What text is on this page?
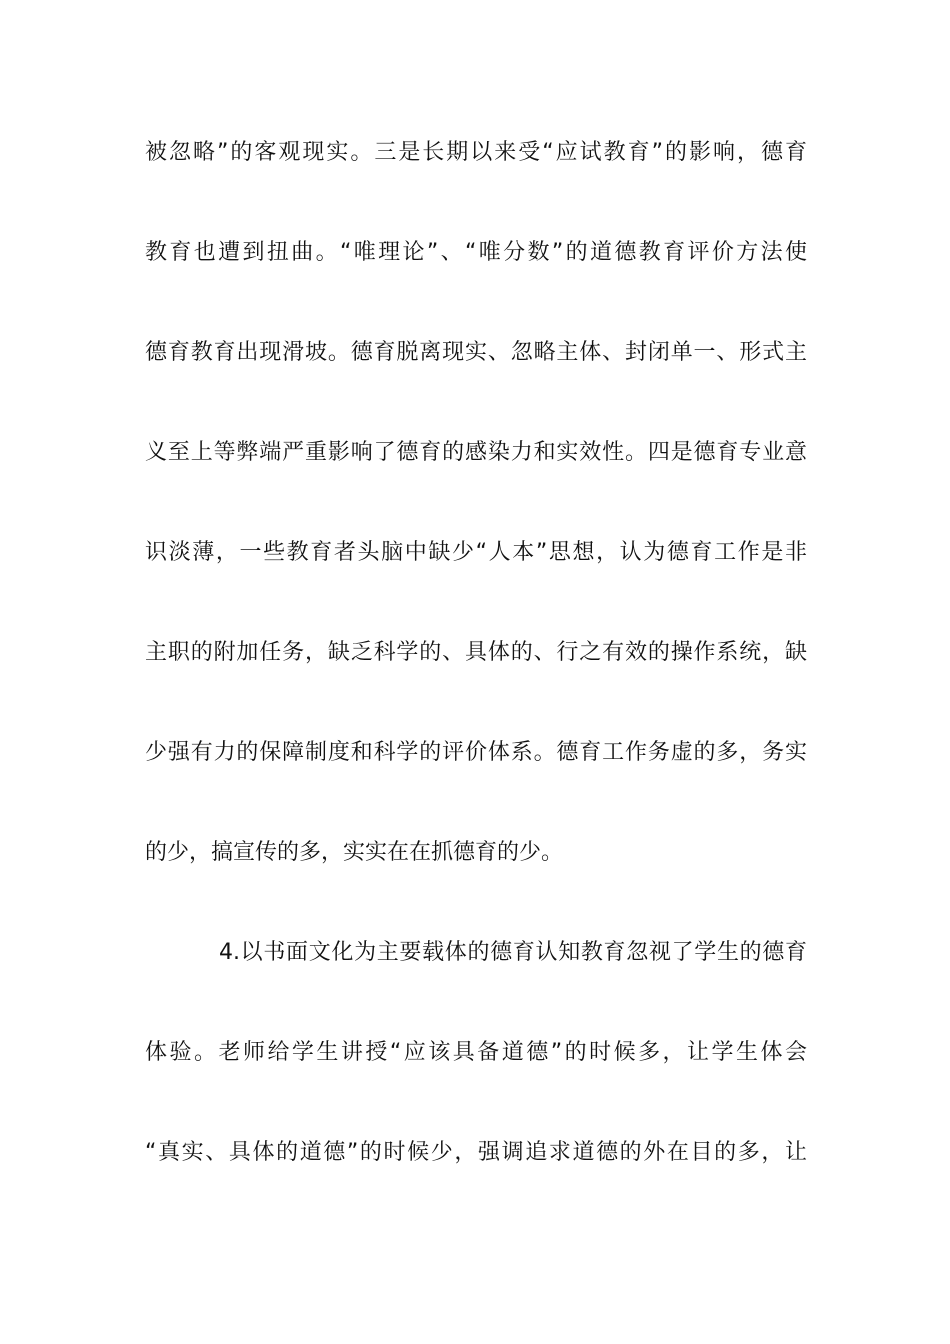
被忽略”的客观现实。三是长期以来受“应试教育”的影响，德育
教育也遭到扭曲。“唯理论”、“唯分数”的道德教育评价方法使
德育教育出现滑坡。德育脱离现实、忽略主体、封闭单一、形式主
义至上等弊端严重影响了德育的感染力和实效性。四是德育专业意
识淡薄，一些教育者头脑中缺少“人本”思想，认为德育工作是非
主职的附加任务，缺乏科学的、具体的、行之有效的操作系统，缺
少强有力的保障制度和科学的评价体系。德育工作务虚的多，务实
的少，搞宣传的多，实实在在抓德育的少。
4.以书面文化为主要载体的德育认知教育忽视了学生的德育
体验。老师给学生讲授“应该具备道德”的时候多，让学生体会
“真实、具体的道德”的时候少，强调追求道德的外在目的多，让
